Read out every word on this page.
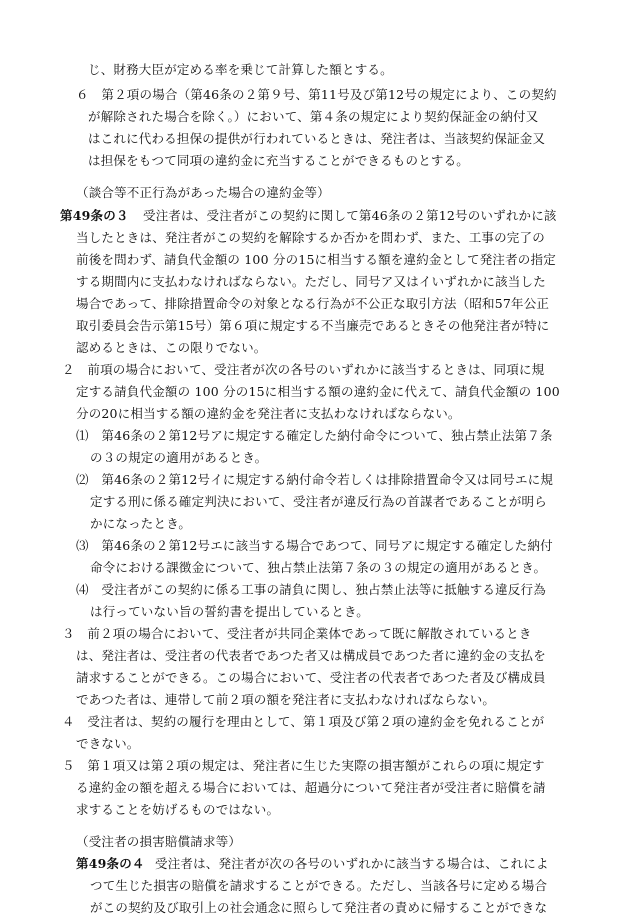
じ、財務大臣が定める率を乗じて計算した額とする。
６　第２項の場合（第46条の２第９号、第11号及び第12号の規定により、この契約
が解除された場合を除く。）において、第４条の規定により契約保証金の納付又
はこれに代わる担保の提供が行われているときは、発注者は、当該契約保証金又
は担保をもつて同項の違約金に充当することができるものとする。
（談合等不正行為があった場合の違約金等）
第49条の３ 受注者は、受注者がこの契約に関して第46条の２第12号のいずれかに該
当したときは、発注者がこの契約を解除するか否かを問わず、また、工事の完了の
前後を問わず、請負代金額の 100 分の15に相当する額を違約金として発注者の指定
する期間内に支払わなければならない。ただし、同号ア又はイいずれかに該当した
場合であって、排除措置命令の対象となる行為が不公正な取引方法（昭和57年公正
取引委員会告示第15号）第６項に規定する不当廉売であるときその他発注者が特に
認めるときは、この限りでない。
２　前項の場合において、受注者が次の各号のいずれかに該当するときは、同項に規
定する請負代金額の 100 分の15に相当する額の違約金に代えて、請負代金額の 100
分の20に相当する額の違約金を発注者に支払わなければならない。
⑴　第46条の２第12号アに規定する確定した納付命令について、独占禁止法第７条
の３の規定の適用があるとき。
⑵　第46条の２第12号イに規定する納付命令若しくは排除措置命令又は同号エに規
定する刑に係る確定判決において、受注者が違反行為の首謀者であることが明ら
かになったとき。
⑶　第46条の２第12号エに該当する場合であつて、同号アに規定する確定した納付
命令における課徴金について、独占禁止法第７条の３の規定の適用があるとき。
⑷　受注者がこの契約に係る工事の請負に関し、独占禁止法等に抵触する違反行為
は行っていない旨の誓約書を提出しているとき。
３　前２項の場合において、受注者が共同企業体であって既に解散されているとき
は、発注者は、受注者の代表者であつた者又は構成員であつた者に違約金の支払を
請求することができる。この場合において、受注者の代表者であつた者及び構成員
であつた者は、連帯して前２項の額を発注者に支払わなければならない。
４　受注者は、契約の履行を理由として、第１項及び第２項の違約金を免れることが
できない。
５　第１項又は第２項の規定は、発注者に生じた実際の損害額がこれらの項に規定す
る違約金の額を超える場合においては、超過分について発注者が受注者に賠償を請
求することを妨げるものではない。
（受注者の損害賠償請求等）
第49条の４ 受注者は、発注者が次の各号のいずれかに該当する場合は、これによ
つて生じた損害の賠償を請求することができる。ただし、当該各号に定める場合
がこの契約及び取引上の社会通念に照らして発注者の責めに帰することができな
